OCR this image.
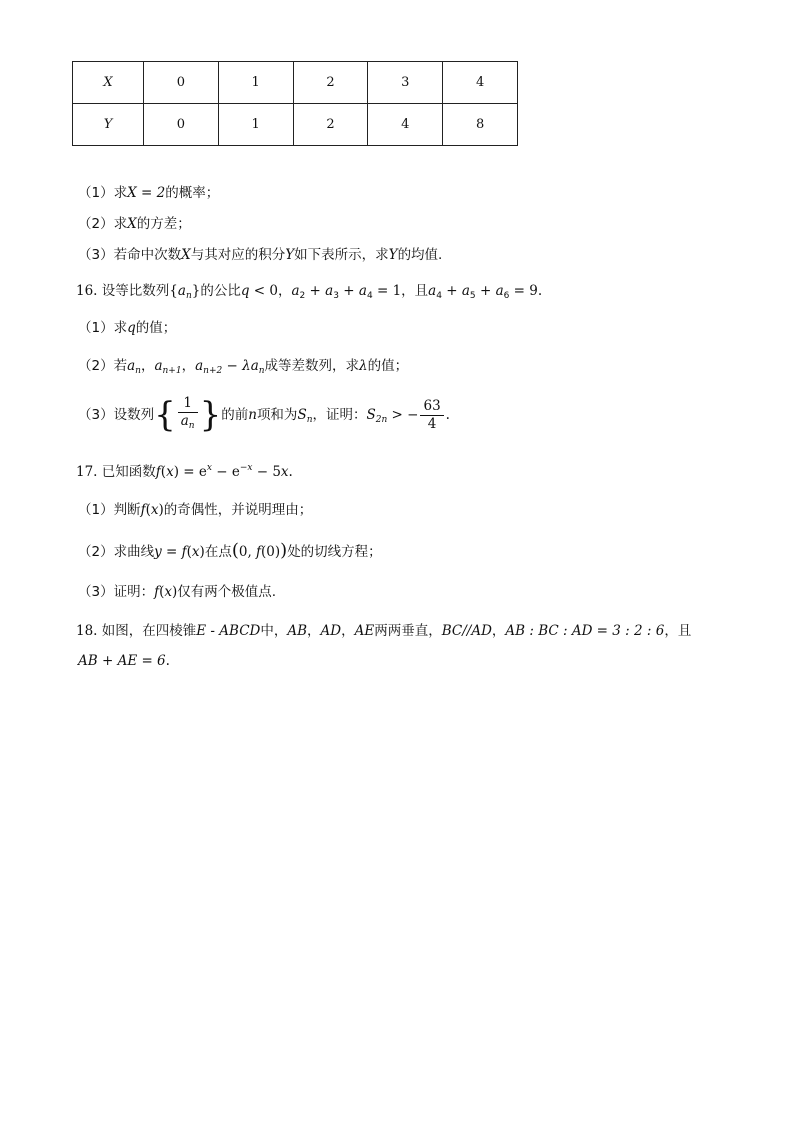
X	0	1	2	3	4
Y	0	1	2	4	8
（1）求X = 2的概率；
（2）求X的方差；
（3）若命中次数X与其对应的积分Y如下表所示，求Y的均值.
16. 设等比数列$\{a_n\}$的公比q < 0，$a_2 + a_3 + a_4 = 1$，且$a_4 + a_5 + a_6 = 9$.
（1）求q的值；
（2）若$a_n$，$a_{n+1}$，$a_{n+2} - \lambda a_n$成等差数列，求λ的值；
（3）设数列{ $\frac{1}{a_n}$ }的前n项和为$S_n$，证明：$S_{2n}$ > − $\frac{63}{4}$ .
17. 已知函数$f(x) = e^x - e^{-x} - 5x$.
（1）判断f(x)的奇偶性，并说明理由；
（2）求曲线y = f(x)在点(0, f(0))处的切线方程；
（3）证明：f(x)仅有两个极值点.
18. 如图，在四棱锥E - ABCD中，AB，AD，AE两两垂直，BC//AD，AB : BC : AD = 3 : 2 : 6，且
AB + AE = 6.
